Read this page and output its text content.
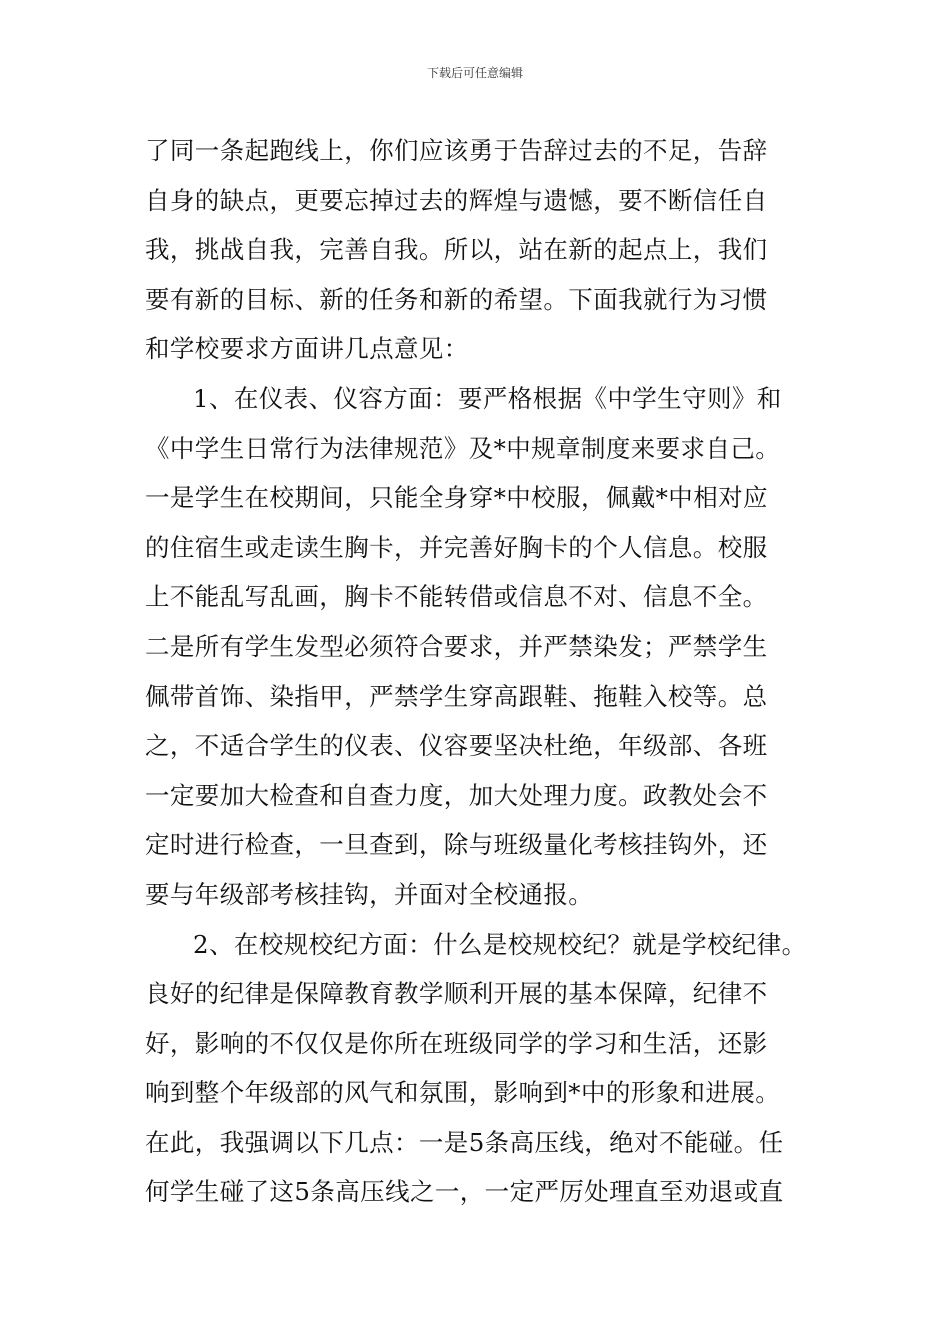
下载后可任意编辑
了同一条起跑线上，你们应该勇于告辞过去的不足，告辞
自身的缺点，更要忘掉过去的辉煌与遗憾，要不断信任自
我，挑战自我，完善自我。所以，站在新的起点上，我们
要有新的目标、新的任务和新的希望。下面我就行为习惯
和学校要求方面讲几点意见：
1、在仪表、仪容方面：要严格根据《中学生守则》和
《中学生日常行为法律规范》及*中规章制度来要求自己。
一是学生在校期间，只能全身穿*中校服，佩戴*中相对应
的住宿生或走读生胸卡，并完善好胸卡的个人信息。校服
上不能乱写乱画，胸卡不能转借或信息不对、信息不全。
二是所有学生发型必须符合要求，并严禁染发；严禁学生
佩带首饰、染指甲，严禁学生穿高跟鞋、拖鞋入校等。总
之，不适合学生的仪表、仪容要坚决杜绝，年级部、各班
一定要加大检查和自查力度，加大处理力度。政教处会不
定时进行检查，一旦查到，除与班级量化考核挂钩外，还
要与年级部考核挂钩，并面对全校通报。
2、在校规校纪方面：什么是校规校纪？就是学校纪律。
良好的纪律是保障教育教学顺利开展的基本保障，纪律不
好，影响的不仅仅是你所在班级同学的学习和生活，还影
响到整个年级部的风气和氛围，影响到*中的形象和进展。
在此，我强调以下几点：一是5条高压线，绝对不能碰。任
何学生碰了这5条高压线之一，一定严厉处理直至劝退或直
